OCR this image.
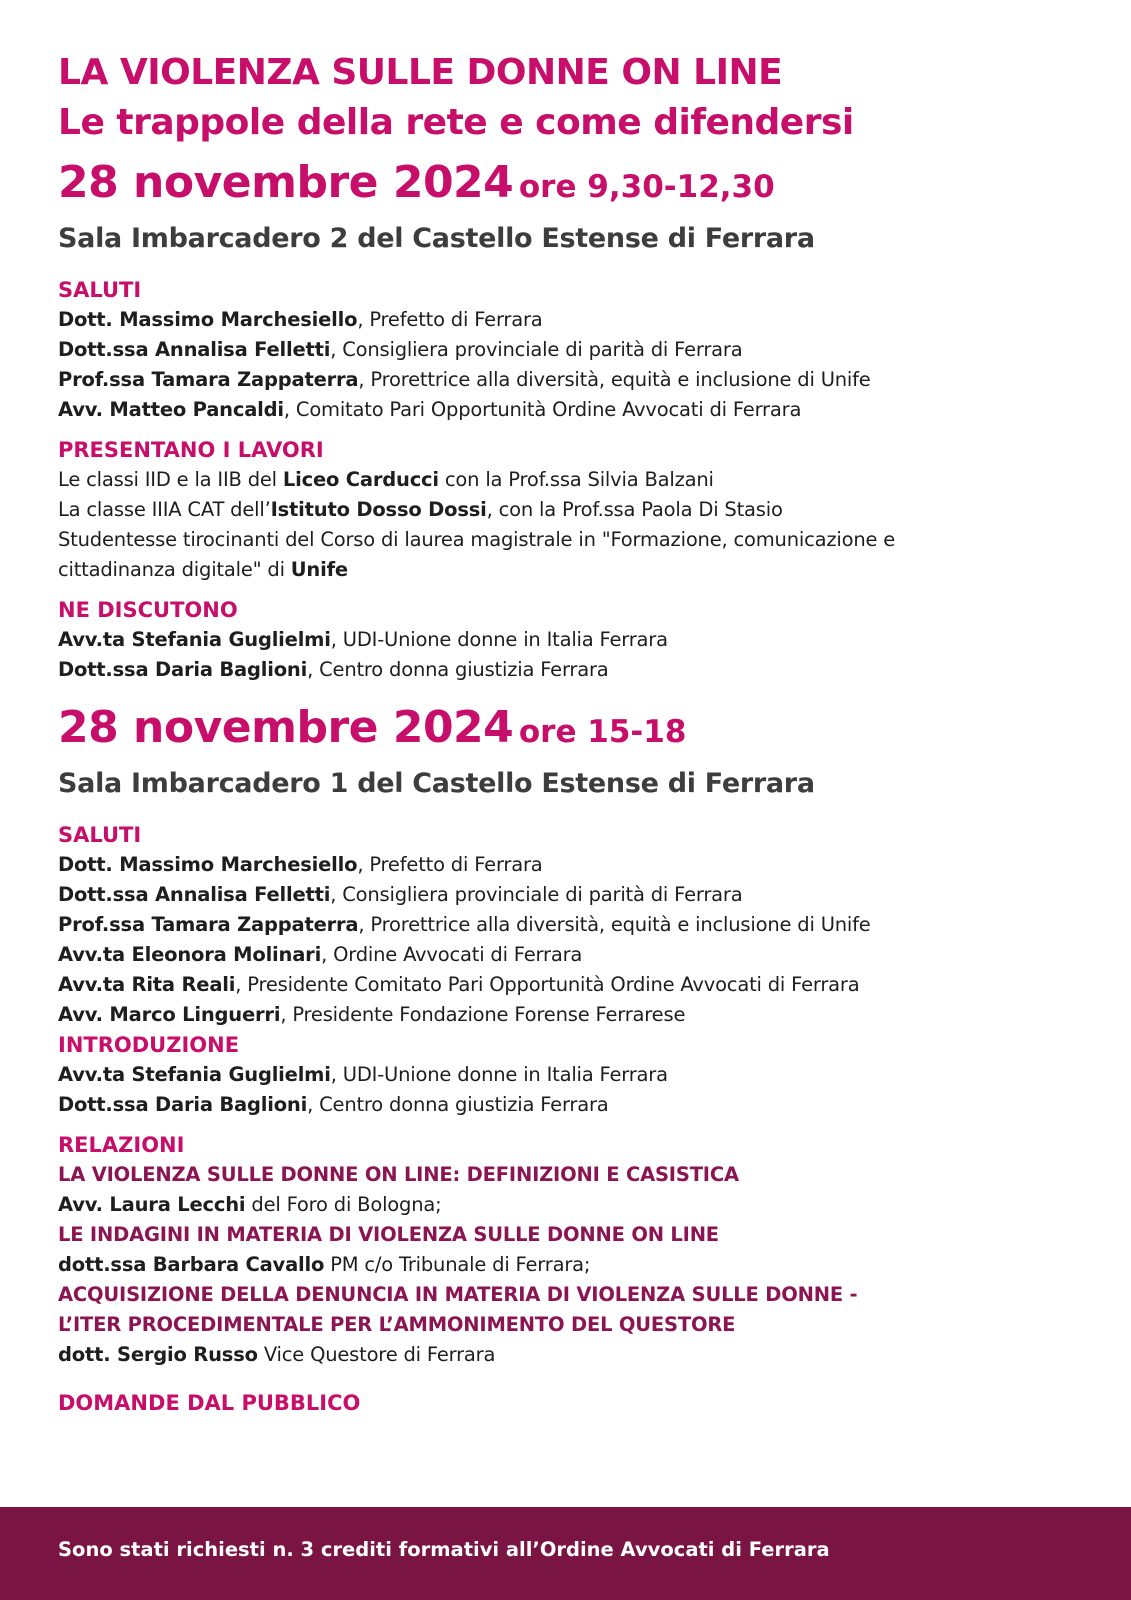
LA VIOLENZA SULLE DONNE ON LINE

Le trappole della rete e come difendersi

28 novembre 2024 ore 9,30-12,30

Sala Imbarcadero 2 del Castello Estense di Ferrara

SALUTI

Dott. Massimo Marchesiello, Prefetto di Ferrara

Dott.ssa Annalisa Felletti, Consigliera provinciale di parità di Ferrara

Prof.ssa Tamara Zappaterra, Prorettrice alla diversità, equità e inclusione di Unife

Avv. Matteo Pancaldi, Comitato Pari Opportunità Ordine Avvocati di Ferrara

PRESENTANO I LAVORI

Le classi IID e la IIB del Liceo Carducci con la Prof.ssa Silvia Balzani

La classe IIIA CAT dell’Istituto Dosso Dossi, con la Prof.ssa Paola Di Stasio

Studentesse tirocinanti del Corso di laurea magistrale in "Formazione, comunicazione e

cittadinanza digitale" di Unife

NE DISCUTONO

Avv.ta Stefania Guglielmi, UDI-Unione donne in Italia Ferrara

Dott.ssa Daria Baglioni, Centro donna giustizia Ferrara

28 novembre 2024 ore 15-18

Sala Imbarcadero 1 del Castello Estense di Ferrara

SALUTI

Dott. Massimo Marchesiello, Prefetto di Ferrara

Dott.ssa Annalisa Felletti, Consigliera provinciale di parità di Ferrara

Prof.ssa Tamara Zappaterra, Prorettrice alla diversità, equità e inclusione di Unife

Avv.ta Eleonora Molinari, Ordine Avvocati di Ferrara

Avv.ta Rita Reali, Presidente Comitato Pari Opportunità Ordine Avvocati di Ferrara

Avv. Marco Linguerri, Presidente Fondazione Forense Ferrarese

INTRODUZIONE

Avv.ta Stefania Guglielmi, UDI-Unione donne in Italia Ferrara

Dott.ssa Daria Baglioni, Centro donna giustizia Ferrara

RELAZIONI

LA VIOLENZA SULLE DONNE ON LINE: DEFINIZIONI E CASISTICA

Avv. Laura Lecchi del Foro di Bologna;

LE INDAGINI IN MATERIA DI VIOLENZA SULLE DONNE ON LINE

dott.ssa Barbara Cavallo PM c/o Tribunale di Ferrara;

ACQUISIZIONE DELLA DENUNCIA IN MATERIA DI VIOLENZA SULLE DONNE -

L’ITER PROCEDIMENTALE PER L’AMMONIMENTO DEL QUESTORE

dott. Sergio Russo Vice Questore di Ferrara

DOMANDE DAL PUBBLICO

Sono stati richiesti n. 3 crediti formativi all’Ordine Avvocati di Ferrara
